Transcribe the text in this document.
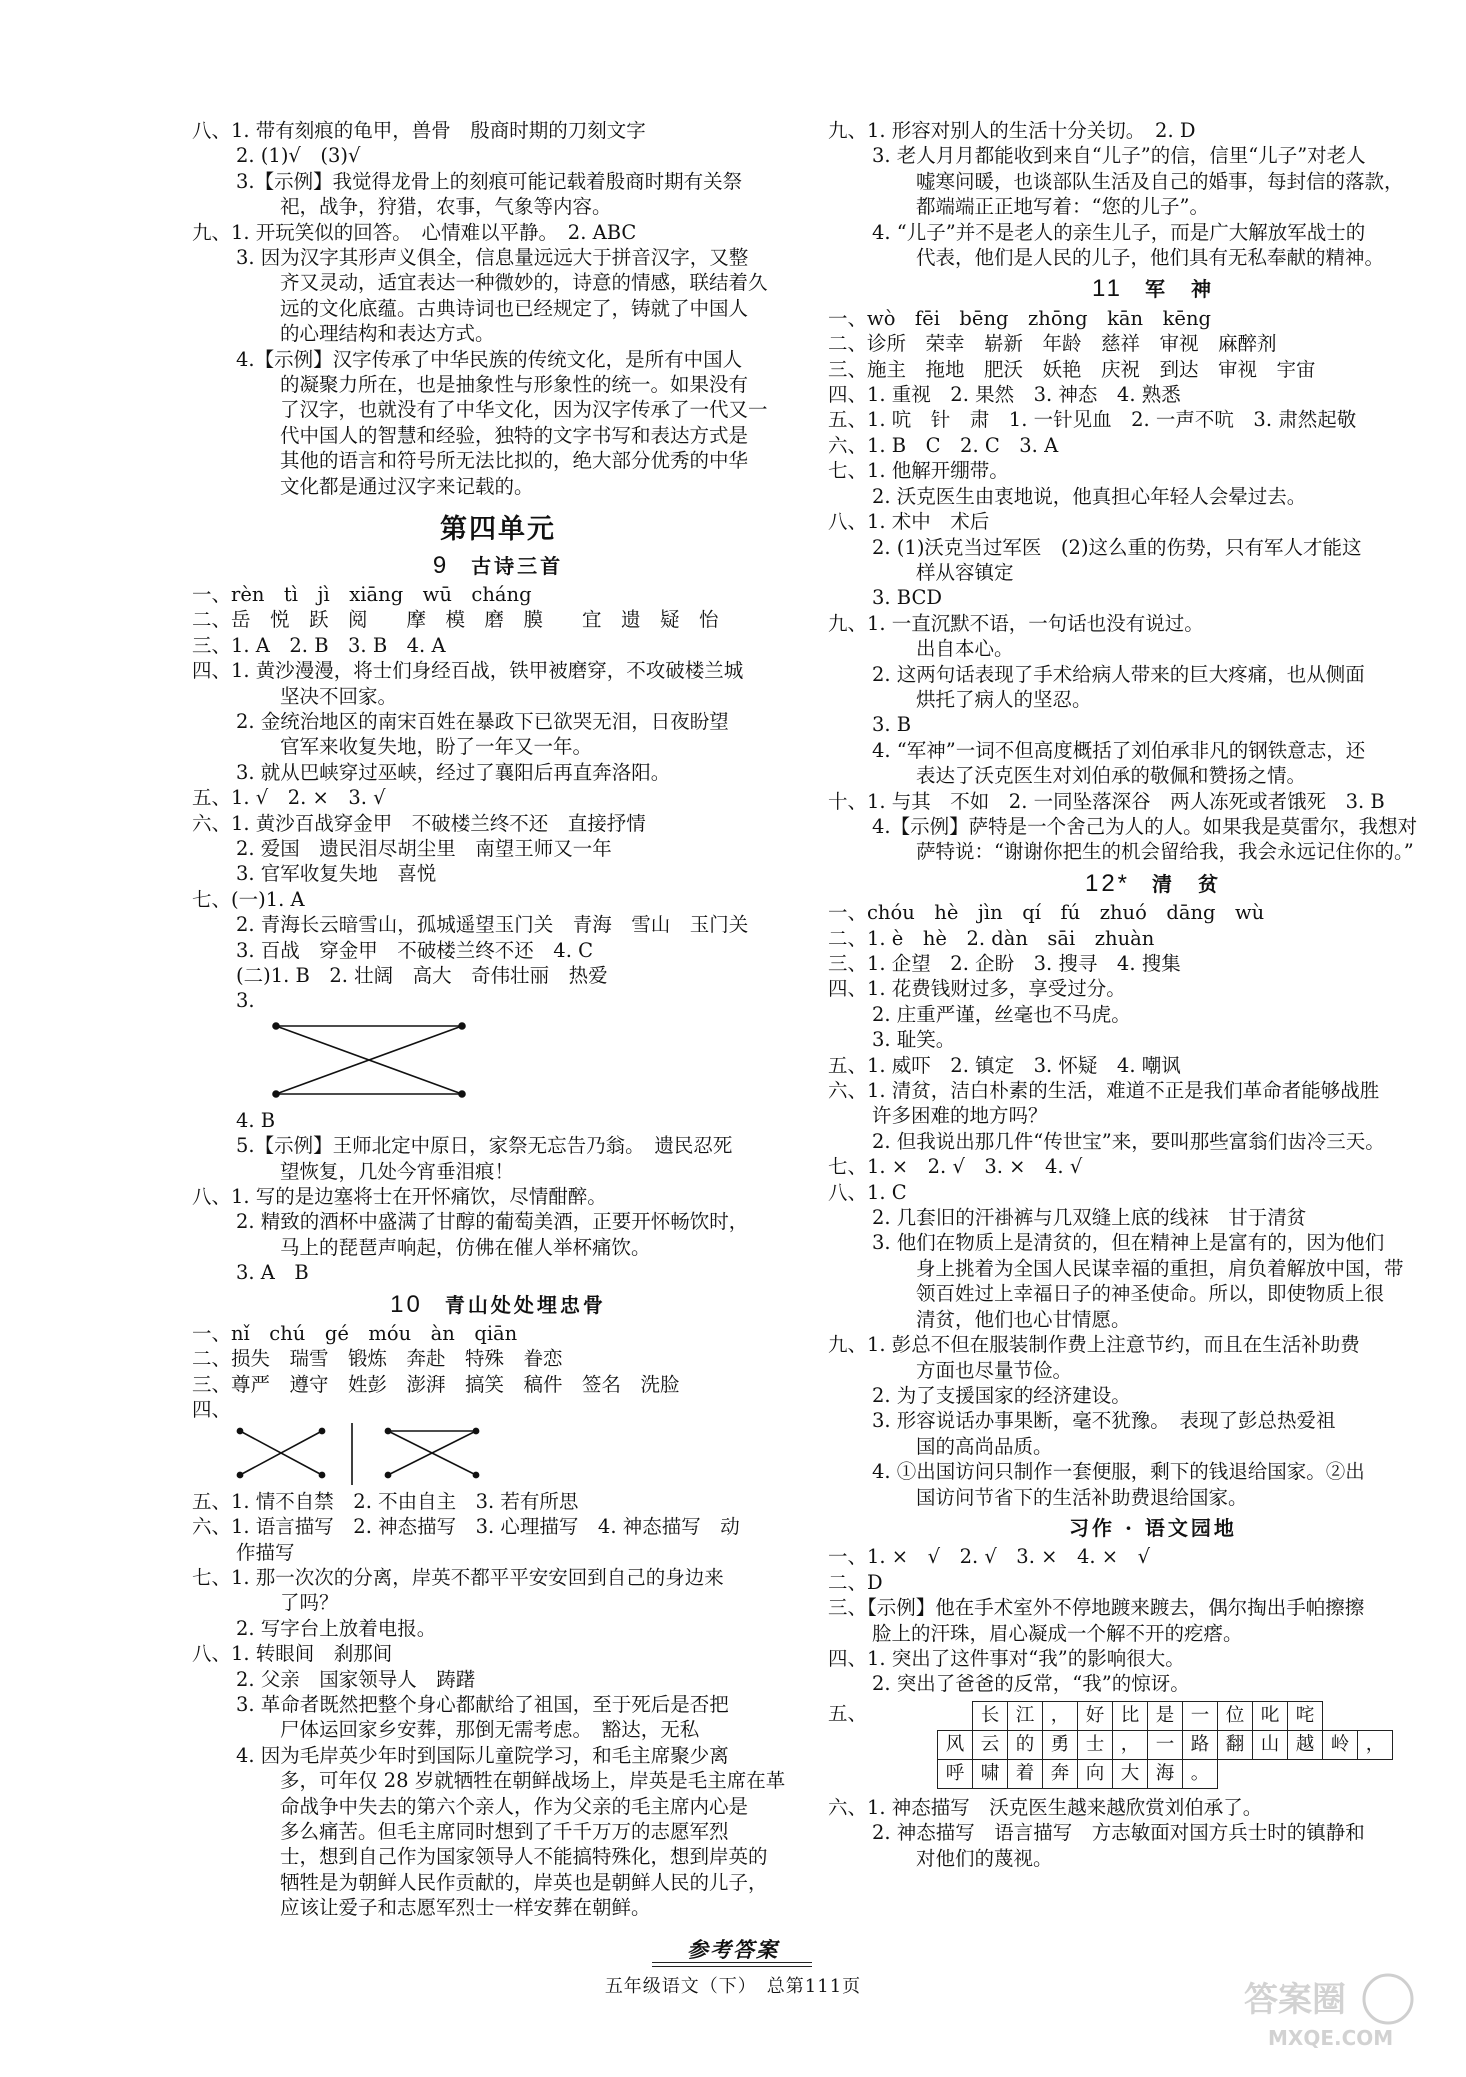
八、1. 带有刻痕的龟甲，兽骨　殷商时期的刀刻文字
2. (1)√　(3)√
3.【示例】我觉得龙骨上的刻痕可能记载着殷商时期有关祭
祀，战争，狩猎，农事，气象等内容。
九、1. 开玩笑似的回答。　心情难以平静。　2. ABC
3. 因为汉字其形声义俱全，信息量远远大于拼音汉字，又整
齐又灵动，适宜表达一种微妙的，诗意的情感，联结着久
远的文化底蕴。古典诗词也已经规定了，铸就了中国人
的心理结构和表达方式。
4.【示例】汉字传承了中华民族的传统文化，是所有中国人
的凝聚力所在，也是抽象性与形象性的统一。如果没有
了汉字，也就没有了中华文化，因为汉字传承了一代又一
代中国人的智慧和经验，独特的文字书写和表达方式是
其他的语言和符号所无法比拟的，绝大部分优秀的中华
文化都是通过汉字来记载的。
第四单元
9 古诗三首
一、rèn　tì　jì　xiāng　wū　cháng
二、岳　悦　跃　阅　　摩　模　磨　膜　　宜　遗　疑　怡
三、1. A　2. B　3. B　4. A
四、1. 黄沙漫漫，将士们身经百战，铁甲被磨穿，不攻破楼兰城
坚决不回家。
2. 金统治地区的南宋百姓在暴政下已欲哭无泪，日夜盼望
官军来收复失地，盼了一年又一年。
3. 就从巴峡穿过巫峡，经过了襄阳后再直奔洛阳。
五、1. √　2. ×　3. √
六、1. 黄沙百战穿金甲　不破楼兰终不还　直接抒情
2. 爱国　遗民泪尽胡尘里　南望王师又一年
3. 官军收复失地　喜悦
七、(一)1. A
2. 青海长云暗雪山，孤城遥望玉门关　青海　雪山　玉门关
3. 百战　穿金甲　不破楼兰终不还　4. C
(二)1. B　2. 壮阔　高大　奇伟壮丽　热爱
3.
4. B
5.【示例】王师北定中原日，家祭无忘告乃翁。　遗民忍死
望恢复，几处今宵垂泪痕！
八、1. 写的是边塞将士在开怀痛饮，尽情酣醉。
2. 精致的酒杯中盛满了甘醇的葡萄美酒，正要开怀畅饮时，
马上的琵琶声响起，仿佛在催人举杯痛饮。
3. A　B
10 青山处处埋忠骨
一、nǐ　chú　gé　móu　àn　qiān
二、损失　瑞雪　锻炼　奔赴　特殊　眷恋
三、尊严　遵守　姓彭　澎湃　搞笑　稿件　签名　洗脸
四、
五、1. 情不自禁　2. 不由自主　3. 若有所思
六、1. 语言描写　2. 神态描写　3. 心理描写　4. 神态描写　动
作描写
七、1. 那一次次的分离，岸英不都平平安安回到自己的身边来
了吗？
2. 写字台上放着电报。
八、1. 转眼间　刹那间
2. 父亲　国家领导人　踌躇
3. 革命者既然把整个身心都献给了祖国，至于死后是否把
尸体运回家乡安葬，那倒无需考虑。　豁达，无私
4. 因为毛岸英少年时到国际儿童院学习，和毛主席聚少离
多，可年仅 28 岁就牺牲在朝鲜战场上，岸英是毛主席在革
命战争中失去的第六个亲人，作为父亲的毛主席内心是
多么痛苦。但毛主席同时想到了千千万万的志愿军烈
士，想到自己作为国家领导人不能搞特殊化，想到岸英的
牺牲是为朝鲜人民作贡献的，岸英也是朝鲜人民的儿子，
应该让爱子和志愿军烈士一样安葬在朝鲜。
九、1. 形容对别人的生活十分关切。　2. D
3. 老人月月都能收到来自“儿子”的信，信里“儿子”对老人
嘘寒问暖，也谈部队生活及自己的婚事，每封信的落款，
都端端正正地写着：“您的儿子”。
4. “儿子”并不是老人的亲生儿子，而是广大解放军战士的
代表，他们是人民的儿子，他们具有无私奉献的精神。
11 军　神
一、wò　fēi　bēng　zhōng　kān　kēng
二、诊所　荣幸　崭新　年龄　慈祥　审视　麻醉剂
三、施主　拖地　肥沃　妖艳　庆祝　到达　审视　宇宙
四、1. 重视　2. 果然　3. 神态　4. 熟悉
五、1. 吭　针　肃　1. 一针见血　2. 一声不吭　3. 肃然起敬
六、1. B　C　2. C　3. A
七、1. 他解开绷带。
2. 沃克医生由衷地说，他真担心年轻人会晕过去。
八、1. 术中　术后
2. (1)沃克当过军医　(2)这么重的伤势，只有军人才能这
样从容镇定
3. BCD
九、1. 一直沉默不语，一句话也没有说过。
出自本心。
2. 这两句话表现了手术给病人带来的巨大疼痛，也从侧面
烘托了病人的坚忍。
3. B
4. “军神”一词不但高度概括了刘伯承非凡的钢铁意志，还
表达了沃克医生对刘伯承的敬佩和赞扬之情。
十、1. 与其　不如　2. 一同坠落深谷　两人冻死或者饿死　3. B
4.【示例】萨特是一个舍己为人的人。如果我是莫雷尔，我想对
萨特说：“谢谢你把生的机会留给我，我会永远记住你的。”
12* 清　贫
一、chóu　hè　jìn　qí　fú　zhuó　dāng　wù
二、1. è　hè　2. dàn　sāi　zhuàn
三、1. 企望　2. 企盼　3. 搜寻　4. 搜集
四、1. 花费钱财过多，享受过分。
2. 庄重严谨，丝毫也不马虎。
3. 耻笑。
五、1. 威吓　2. 镇定　3. 怀疑　4. 嘲讽
六、1. 清贫，洁白朴素的生活，难道不正是我们革命者能够战胜
许多困难的地方吗？
2. 但我说出那几件“传世宝”来，要叫那些富翁们齿冷三天。
七、1. ×　2. √　3. ×　4. √
八、1. C
2. 几套旧的汗褂裤与几双缝上底的线袜　甘于清贫
3. 他们在物质上是清贫的，但在精神上是富有的，因为他们
身上挑着为全国人民谋幸福的重担，肩负着解放中国，带
领百姓过上幸福日子的神圣使命。所以，即使物质上很
清贫，他们也心甘情愿。
九、1. 彭总不但在服装制作费上注意节约，而且在生活补助费
方面也尽量节俭。
2. 为了支援国家的经济建设。
3. 形容说话办事果断，毫不犹豫。　表现了彭总热爱祖
国的高尚品质。
4. ①出国访问只制作一套便服，剩下的钱退给国家。②出
国访问节省下的生活补助费退给国家。
习作 · 语文园地
一、1. ×　√　2. √　3. ×　4. ×　√
二、D
三、【示例】他在手术室外不停地踱来踱去，偶尔掏出手帕擦擦
脸上的汗珠，眉心凝成一个解不开的疙瘩。
四、1. 突出了这件事对“我”的影响很大。
2. 突出了爸爸的反常，“我”的惊讶。
五、
		长	江	，	好	比	是	一	位	叱	咤		
风	云	的	勇	士	，	一	路	翻	山	越	岭	，
呼	啸	着	奔	向	大	海	。					
六、1. 神态描写　沃克医生越来越欣赏刘伯承了。
2. 神态描写　语言描写　方志敏面对国方兵士时的镇静和
对他们的蔑视。
参考答案
五年级语文（下）　总第111页	答案圈
MXQE.COM
